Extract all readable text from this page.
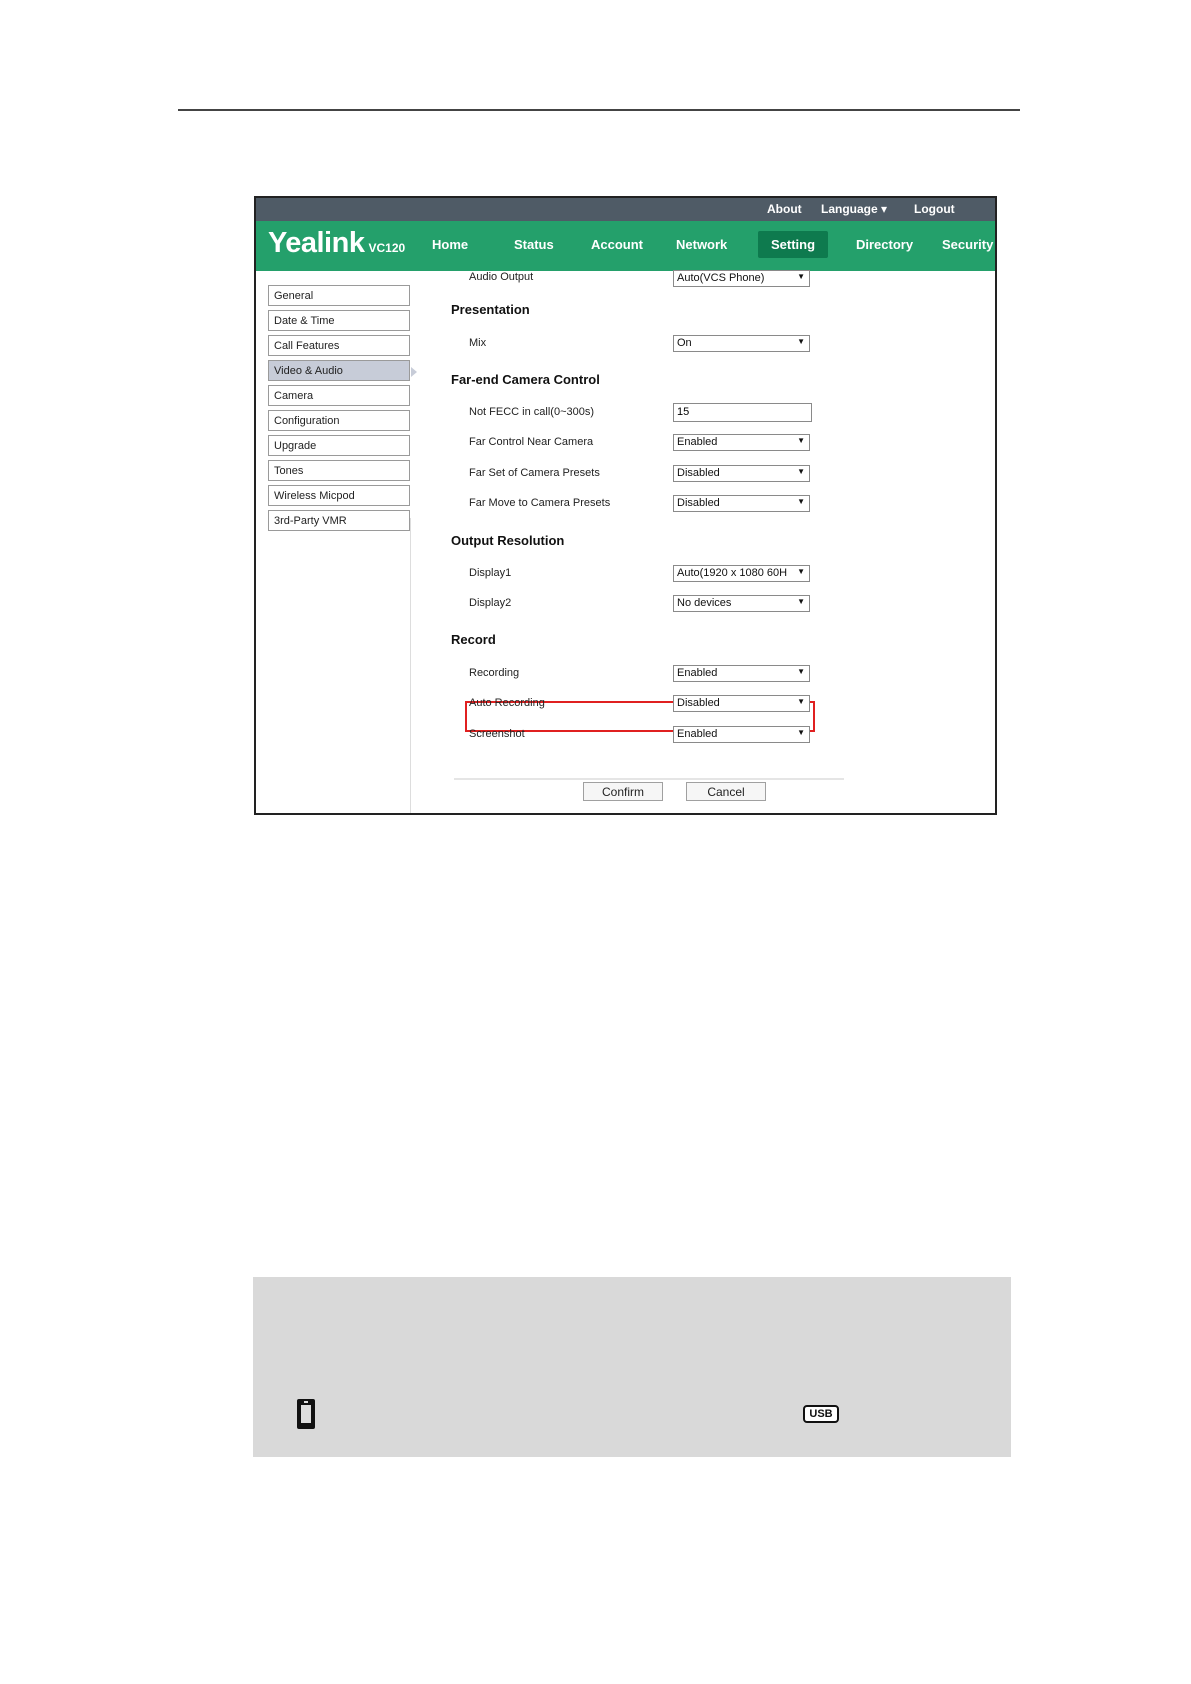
About Language ▾ Logout
Yealink VC120 Home	Status	Account	Network	Setting	Directory Security
General
Date & Time
Call Features
Video & Audio
Camera
Configuration
Upgrade
Tones
Wireless Micpod
3rd-Party VMR
Audio Output	Auto(VCS Phone)	▼
Presentation
Mix	On	▼
Far-end Camera Control
Not FECC in call(0~300s)	15
Far Control Near Camera	Enabled	▼
Far Set of Camera Presets	Disabled	▼
Far Move to Camera Presets	Disabled	▼
Output Resolution
Display1	Auto(1920 x 1080 60H ▼
Display2	No devices	▼
Record
Recording	Enabled	▼
Auto Recording	Disabled	▼
Screenshot	Enabled	▼
Confirm	Cancel
USB
